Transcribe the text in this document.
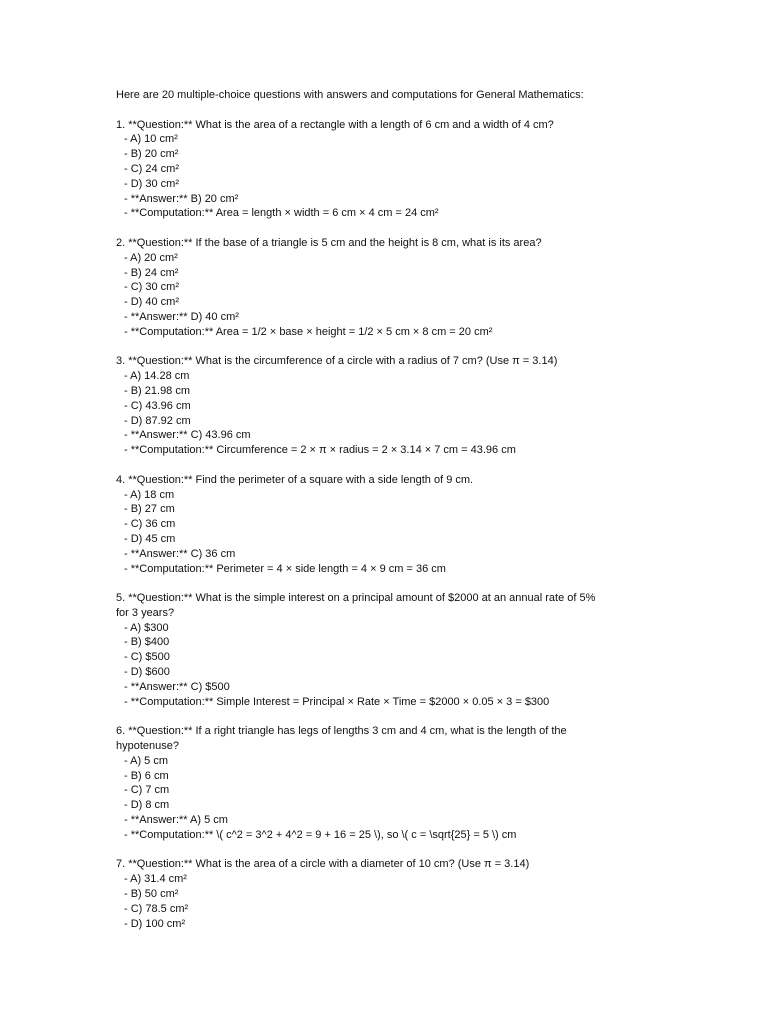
Here are 20 multiple-choice questions with answers and computations for General Mathematics:

1. **Question:** What is the area of a rectangle with a length of 6 cm and a width of 4 cm?
- A) 10 cm²
- B) 20 cm²
- C) 24 cm²
- D) 30 cm²
- **Answer:** B) 20 cm²
- **Computation:** Area = length × width = 6 cm × 4 cm = 24 cm²
2. **Question:** If the base of a triangle is 5 cm and the height is 8 cm, what is its area?
- A) 20 cm²
- B) 24 cm²
- C) 30 cm²
- D) 40 cm²
- **Answer:** D) 40 cm²
- **Computation:** Area = 1/2 × base × height = 1/2 × 5 cm × 8 cm = 20 cm²
3. **Question:** What is the circumference of a circle with a radius of 7 cm? (Use π = 3.14)
- A) 14.28 cm
- B) 21.98 cm
- C) 43.96 cm
- D) 87.92 cm
- **Answer:** C) 43.96 cm
- **Computation:** Circumference = 2 × π × radius = 2 × 3.14 × 7 cm = 43.96 cm
4. **Question:** Find the perimeter of a square with a side length of 9 cm.
- A) 18 cm
- B) 27 cm
- C) 36 cm
- D) 45 cm
- **Answer:** C) 36 cm
- **Computation:** Perimeter = 4 × side length = 4 × 9 cm = 36 cm
5. **Question:** What is the simple interest on a principal amount of $2000 at an annual rate of 5%
for 3 years?
- A) $300
- B) $400
- C) $500
- D) $600
- **Answer:** C) $500
- **Computation:** Simple Interest = Principal × Rate × Time = $2000 × 0.05 × 3 = $300
6. **Question:** If a right triangle has legs of lengths 3 cm and 4 cm, what is the length of the
hypotenuse?
- A) 5 cm
- B) 6 cm
- C) 7 cm
- D) 8 cm
- **Answer:** A) 5 cm
- **Computation:** \( c^2 = 3^2 + 4^2 = 9 + 16 = 25 \), so \( c = \sqrt{25} = 5 \) cm
7. **Question:** What is the area of a circle with a diameter of 10 cm? (Use π = 3.14)
- A) 31.4 cm²
- B) 50 cm²
- C) 78.5 cm²
- D) 100 cm²
